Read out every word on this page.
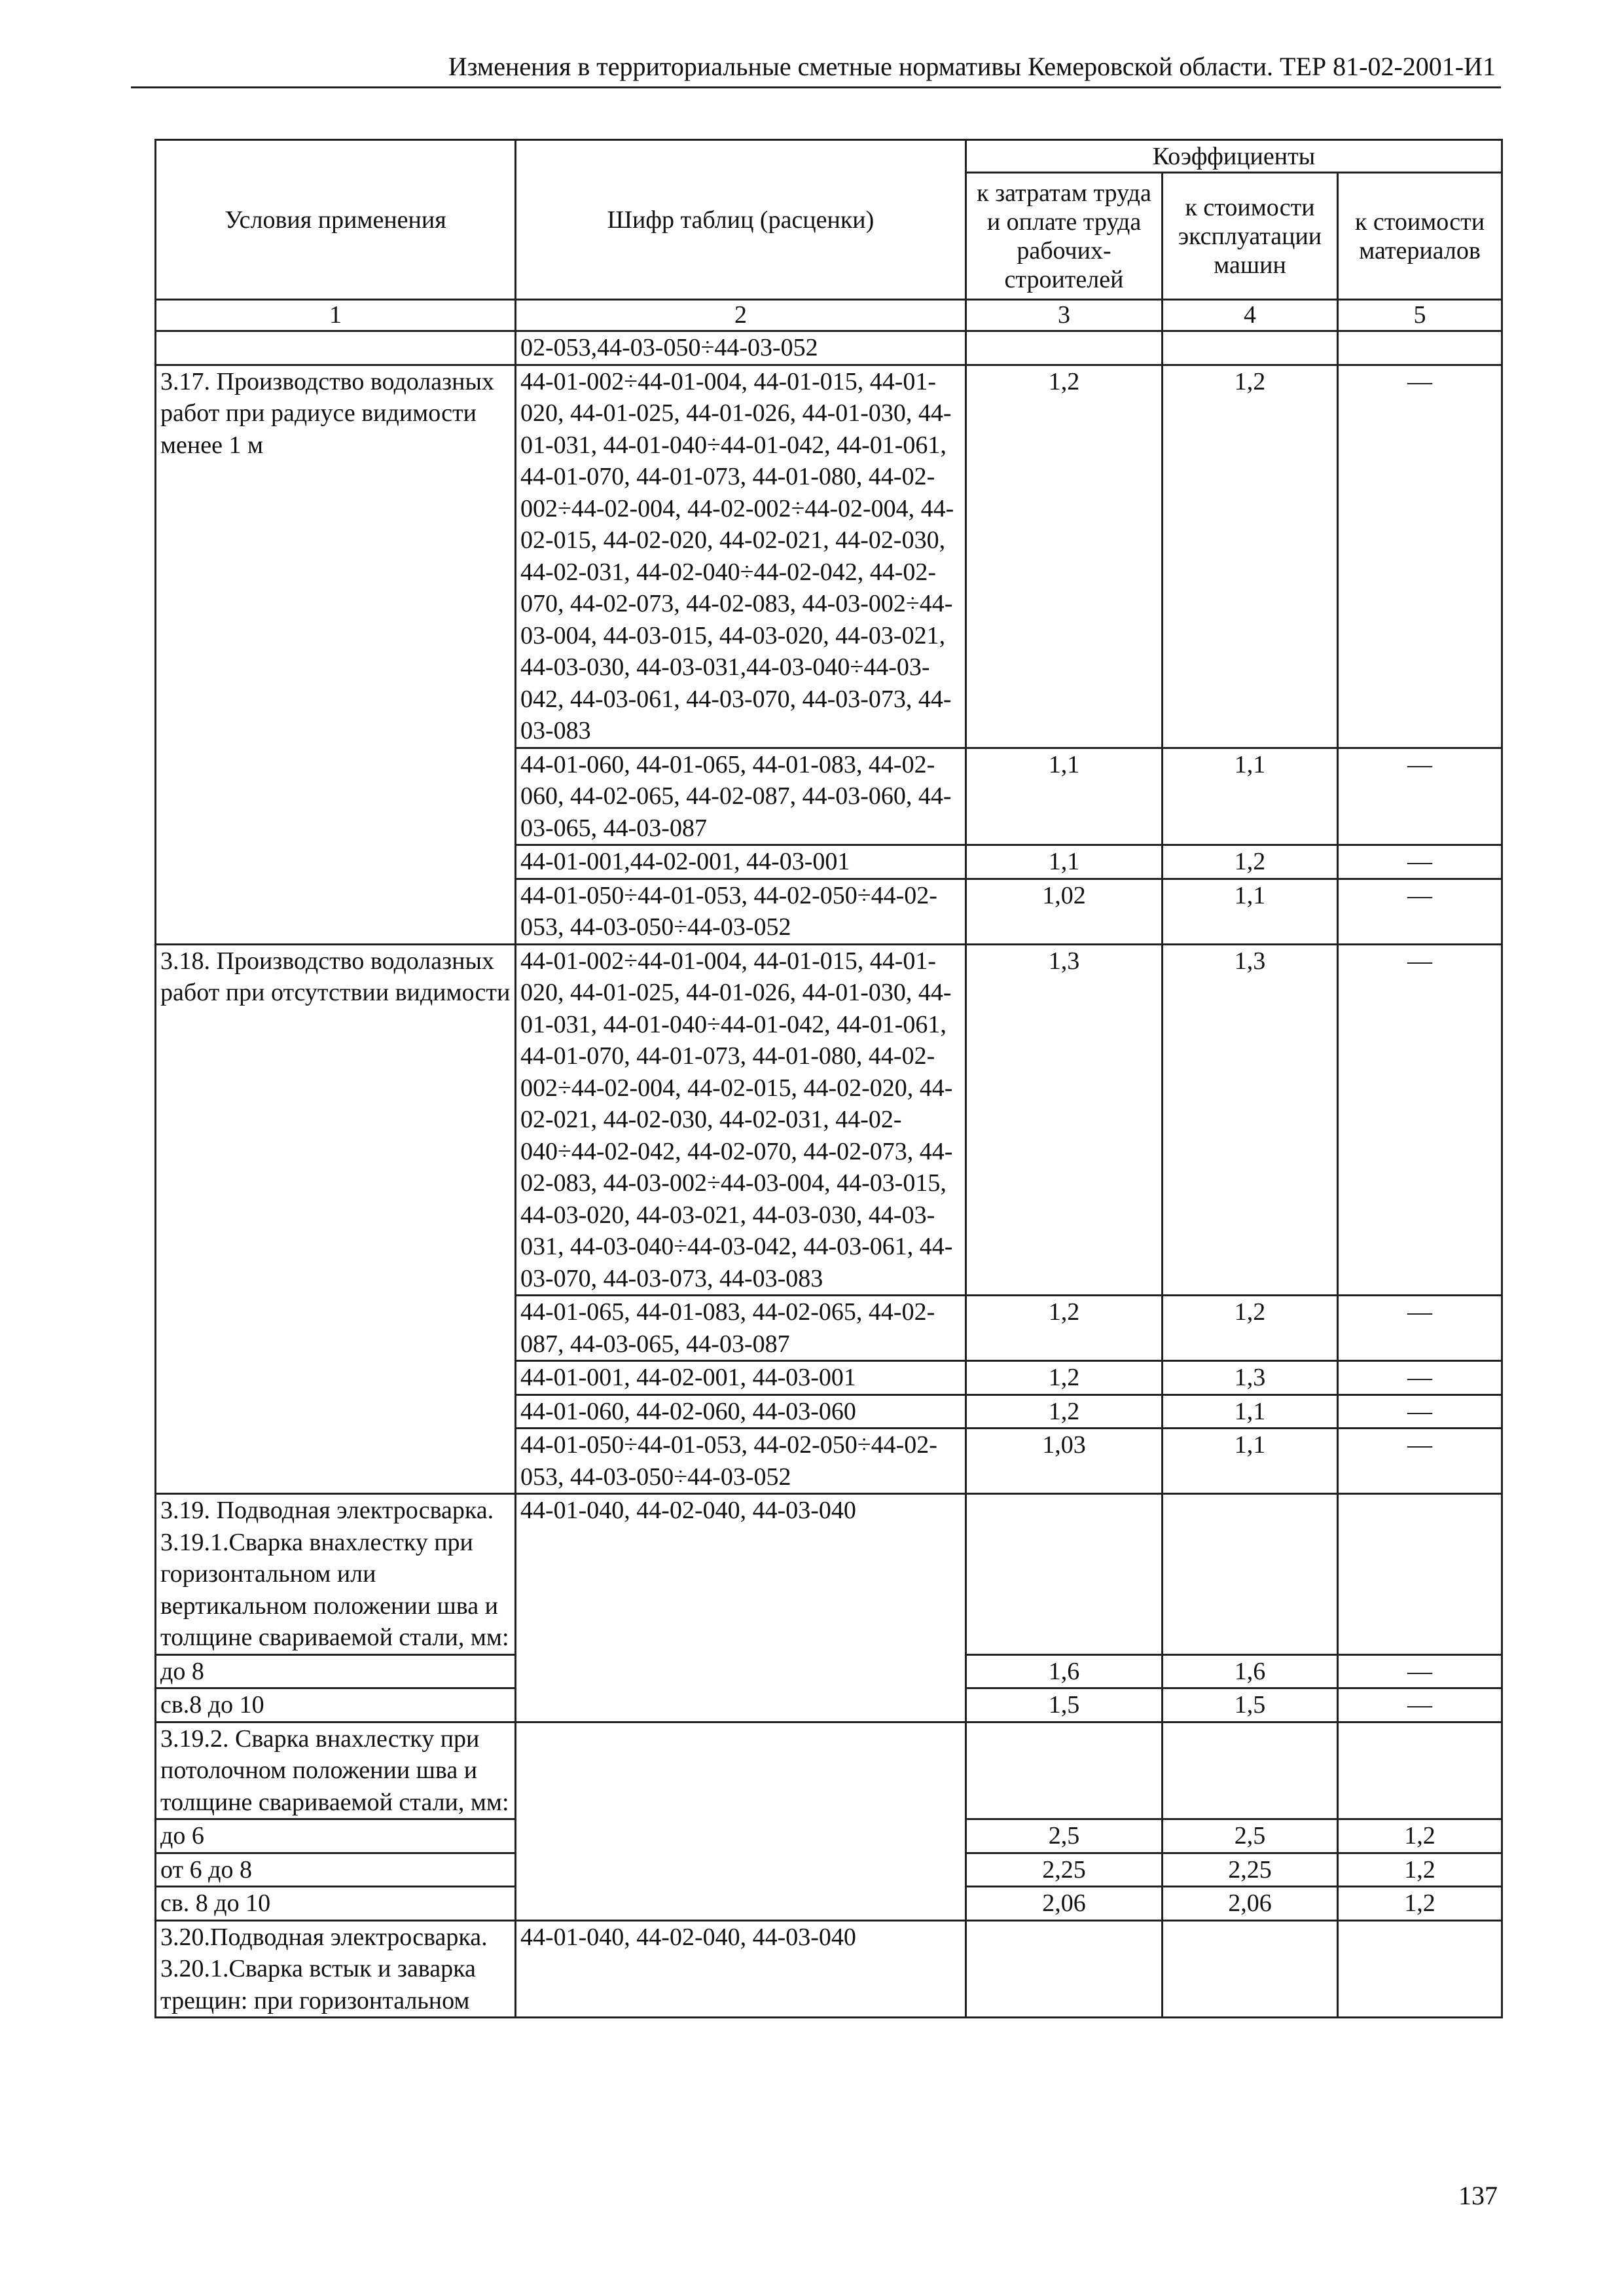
Изменения в территориальные сметные нормативы Кемеровской области. ТЕР 81-02-2001-И1
Условия применения	Шифр таблиц (расценки)	Коэффициенты		
		к затратам труда и оплате труда рабочих-строителей	к стоимости эксплуатации машин	к стоимости материалов
1	2	3	4	5
	02-053,44-03-050÷44-03-052			
3.17. Производство водолазных работ при радиусе видимости менее 1 м	44-01-002÷44-01-004, 44-01-015, 44-01-020, 44-01-025, 44-01-026, 44-01-030, 44-01-031, 44-01-040÷44-01-042, 44-01-061, 44-01-070, 44-01-073, 44-01-080, 44-02-002÷44-02-004, 44-02-002÷44-02-004, 44-02-015, 44-02-020, 44-02-021, 44-02-030, 44-02-031, 44-02-040÷44-02-042, 44-02-070, 44-02-073, 44-02-083, 44-03-002÷44-03-004, 44-03-015, 44-03-020, 44-03-021, 44-03-030, 44-03-031,44-03-040÷44-03-042, 44-03-061, 44-03-070, 44-03-073, 44-03-083	1,2	1,2	—
	44-01-060, 44-01-065, 44-01-083, 44-02-060, 44-02-065, 44-02-087, 44-03-060, 44-03-065, 44-03-087	1,1	1,1	—
	44-01-001,44-02-001, 44-03-001	1,1	1,2	—
	44-01-050÷44-01-053, 44-02-050÷44-02-053, 44-03-050÷44-03-052	1,02	1,1	—
3.18. Производство водолазных работ при отсутствии видимости	44-01-002÷44-01-004, 44-01-015, 44-01-020, 44-01-025, 44-01-026, 44-01-030, 44-01-031, 44-01-040÷44-01-042, 44-01-061, 44-01-070, 44-01-073, 44-01-080, 44-02-002÷44-02-004, 44-02-015, 44-02-020, 44-02-021, 44-02-030, 44-02-031, 44-02-040÷44-02-042, 44-02-070, 44-02-073, 44-02-083, 44-03-002÷44-03-004, 44-03-015, 44-03-020, 44-03-021, 44-03-030, 44-03-031, 44-03-040÷44-03-042, 44-03-061, 44-03-070, 44-03-073, 44-03-083	1,3	1,3	—
	44-01-065, 44-01-083, 44-02-065, 44-02-087, 44-03-065, 44-03-087	1,2	1,2	—
	44-01-001, 44-02-001, 44-03-001	1,2	1,3	—
	44-01-060, 44-02-060, 44-03-060	1,2	1,1	—
	44-01-050÷44-01-053, 44-02-050÷44-02-053, 44-03-050÷44-03-052	1,03	1,1	—
3.19. Подводная электросварка. 3.19.1.Сварка внахлестку при горизонтальном или вертикальном положении шва и толщине свариваемой стали, мм:	44-01-040, 44-02-040, 44-03-040			
до 8		1,6	1,6	—
св.8 до 10		1,5	1,5	—
3.19.2. Сварка внахлестку при потолочном положении шва и толщине свариваемой стали, мм:				
до 6		2,5	2,5	1,2
от 6 до 8		2,25	2,25	1,2
св. 8 до 10		2,06	2,06	1,2
3.20.Подводная электросварка. 3.20.1.Сварка встык и заварка трещин: при горизонтальном	44-01-040, 44-02-040, 44-03-040			
137
